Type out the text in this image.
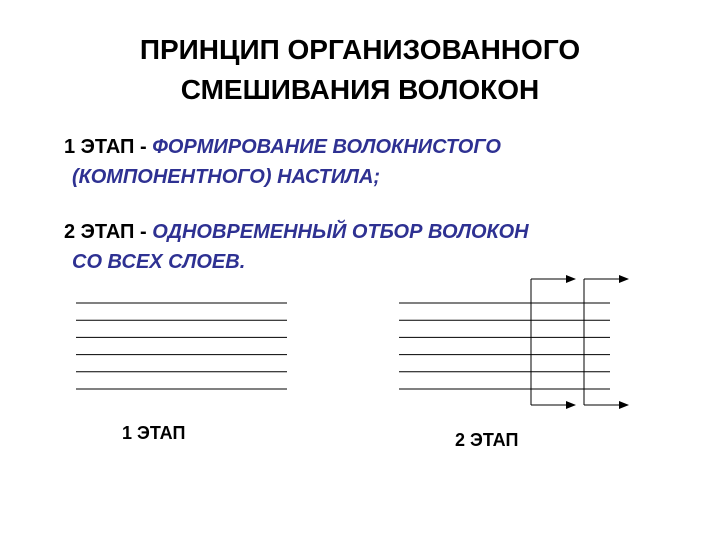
ПРИНЦИП ОРГАНИЗОВАННОГО
СМЕШИВАНИЯ ВОЛОКОН
1 ЭТАП - ФОРМИРОВАНИЕ ВОЛОКНИСТОГО
(КОМПОНЕНТНОГО) НАСТИЛА;
2 ЭТАП - ОДНОВРЕМЕННЫЙ ОТБОР ВОЛОКОН
СО ВСЕХ СЛОЕВ.
1 ЭТАП	2 ЭТАП
